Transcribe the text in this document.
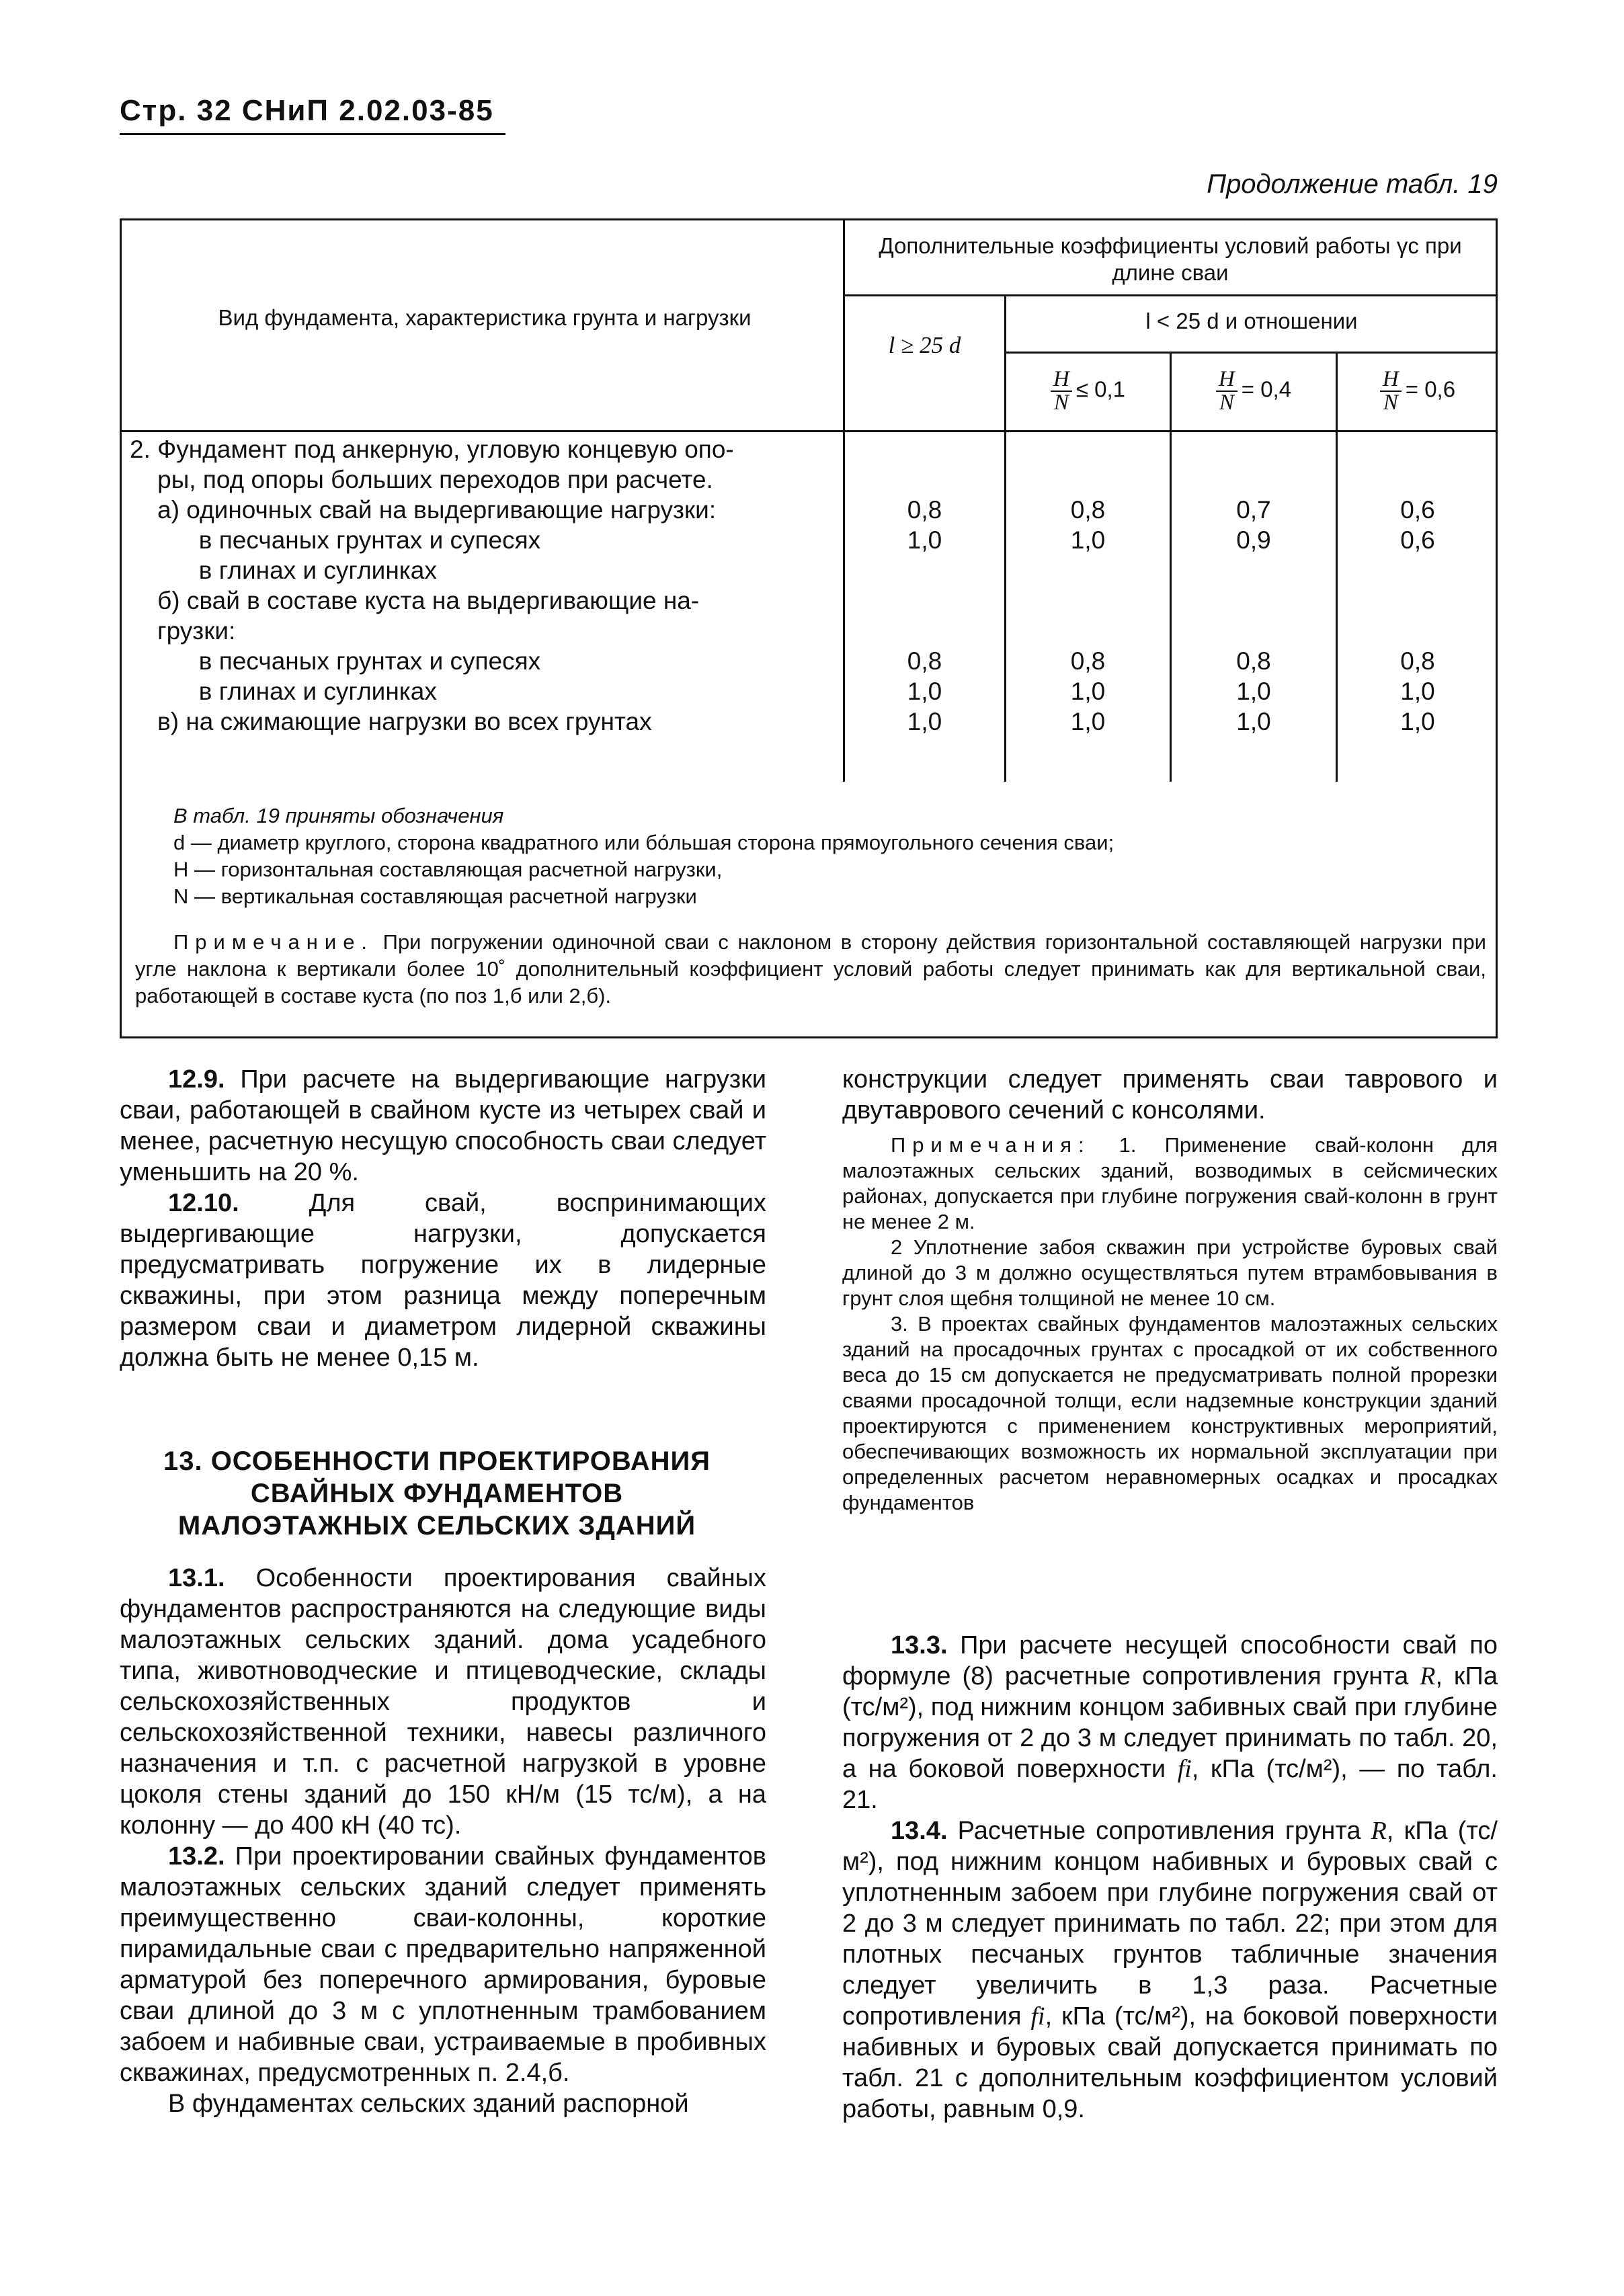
Стр. 32 СНиП 2.02.03-85
Продолжение табл. 19
Вид фундамента, характеристика грунта и нагрузки
Дополнительные коэффициенты условий работы γc при длине сваи
l ≥ 25 d
l < 25 d и отношении
$\frac{H}{N} \le 0,1$	$\frac{H}{N} = 0,4$	$\frac{H}{N} = 0,6$
2. Фундамент под анкерную, угловую концевую опо-
ры, под опоры больших переходов при расчете.
а) одиночных свай на выдергивающие нагрузки:
в песчаных грунтах и супесях
в глинах и суглинках
б) свай в составе куста на выдергивающие на-
грузки:
в песчаных грунтах и супесях
в глинах и суглинках
в) на сжимающие нагрузки во всех грунтах
0,8
1,0

0,8
1,0
1,0
0,8
1,0

0,8
1,0
1,0
0,7
0,9

0,8
1,0
1,0
0,6
0,6

0,8
1,0
1,0
В табл. 19 приняты обозначения
d — диаметр круглого, сторона квадратного или бо́льшая сторона прямоугольного сечения сваи;
H — горизонтальная составляющая расчетной нагрузки,
N — вертикальная составляющая расчетной нагрузки
Примечание. При погружении одиночной сваи с наклоном в сторону действия горизонтальной составляющей нагрузки при угле наклона к вертикали более 10˚ дополнительный коэффициент условий работы следует принимать как для вертикальной сваи, работающей в составе куста (по поз 1,б или 2,б).

12.9. При расчете на выдергивающие нагрузки сваи, работающей в свайном кусте из четырех свай и менее, расчетную несущую способность сваи следует уменьшить на 20 %.

12.10. Для свай, воспринимающих выдергивающие нагрузки, допускается предусматривать погружение их в лидерные скважины, при этом разница между поперечным размером сваи и диаметром лидерной скважины должна быть не менее 0,15 м.

13. ОСОБЕННОСТИ ПРОЕКТИРОВАНИЯ СВАЙНЫХ ФУНДАМЕНТОВ МАЛОЭТАЖНЫХ СЕЛЬСКИХ ЗДАНИЙ

13.1. Особенности проектирования свайных фундаментов распространяются на следующие виды малоэтажных сельских зданий. дома усадебного типа, животноводческие и птицеводческие, склады сельскохозяйственных продуктов и сельскохозяйственной техники, навесы различного назначения и т.п. с расчетной нагрузкой в уровне цоколя стены зданий до 150 кН/м (15 тс/м), а на колонну — до 400 кН (40 тс).

13.2. При проектировании свайных фундаментов малоэтажных сельских зданий следует применять преимущественно сваи-колонны, короткие пирамидальные сваи с предварительно напряженной арматурой без поперечного армирования, буровые сваи длиной до 3 м с уплотненным трамбованием забоем и набивные сваи, устраиваемые в пробивных скважинах, предусмотренных п. 2.4,б.

В фундаментах сельских зданий распорной

конструкции следует применять сваи таврового и двутаврового сечений с консолями.

Примечания: 1. Применение свай-колонн для малоэтажных сельских зданий, возводимых в сейсмических районах, допускается при глубине погружения свай-колонн в грунт не менее 2 м.

2 Уплотнение забоя скважин при устройстве буровых свай длиной до 3 м должно осуществляться путем втрамбовывания в грунт слоя щебня толщиной не менее 10 см.

3. В проектах свайных фундаментов малоэтажных сельских зданий на просадочных грунтах с просадкой от их собственного веса до 15 см допускается не предусматривать полной прорезки сваями просадочной толщи, если надземные конструкции зданий проектируются с применением конструктивных мероприятий, обеспечивающих возможность их нормальной эксплуатации при определенных расчетом неравномерных осадках и просадках фундаментов

13.3. При расчете несущей способности свай по формуле (8) расчетные сопротивления грунта R, кПа (тс/м²), под нижним концом забивных свай при глубине погружения от 2 до 3 м следует принимать по табл. 20, а на боковой поверхности fi, кПа (тс/м²), — по табл. 21.

13.4. Расчетные сопротивления грунта R, кПа (тс/м²), под нижним концом набивных и буровых свай с уплотненным забоем при глубине погружения свай от 2 до 3 м следует принимать по табл. 22; при этом для плотных песчаных грунтов табличные значения следует увеличить в 1,3 раза. Расчетные сопротивления fi, кПа (тс/м²), на боковой поверхности набивных и буровых свай допускается принимать по табл. 21 с дополнительным коэффициентом условий работы, равным 0,9.
